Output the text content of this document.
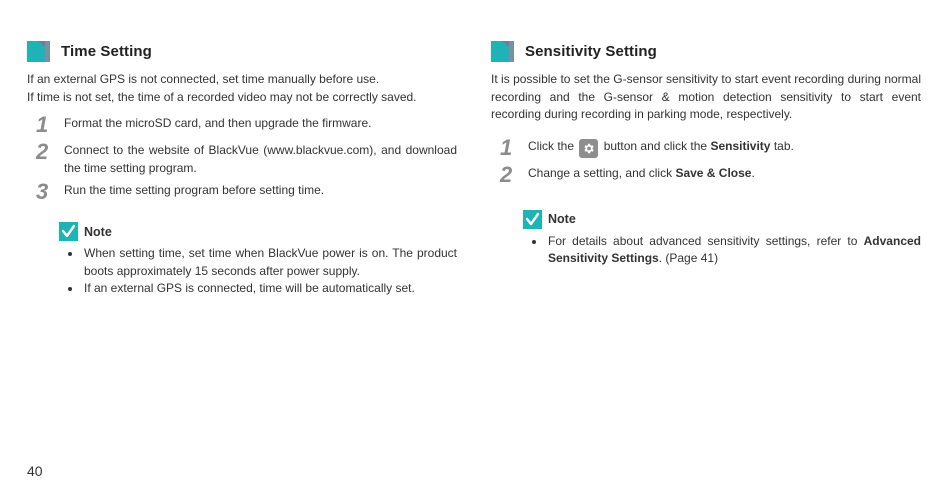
Time Setting

If an external GPS is not connected, set time manually before use.

If time is not set, the time of a recorded video may not be correctly saved.

1	Format the microSD card, and then upgrade the firmware.
2	Connect to the website of BlackVue (www.blackvue.com), and download the time setting program.
3	Run the time setting program before setting time.
Note
When setting time, set time when BlackVue power is on. The product boots approximately 15 seconds after power supply.
If an external GPS is connected, time will be automatically set.
Sensitivity Setting

It is possible to set the G-sensor sensitivity to start event recording during normal recording and the G-sensor & motion detection sensitivity to start event recording during recording in parking mode, respectively.

1	Click the button and click the Sensitivity tab.
2	Change a setting, and click Save & Close.
Note
For details about advanced sensitivity settings, refer to Advanced Sensitivity Settings. (Page 41)
40
